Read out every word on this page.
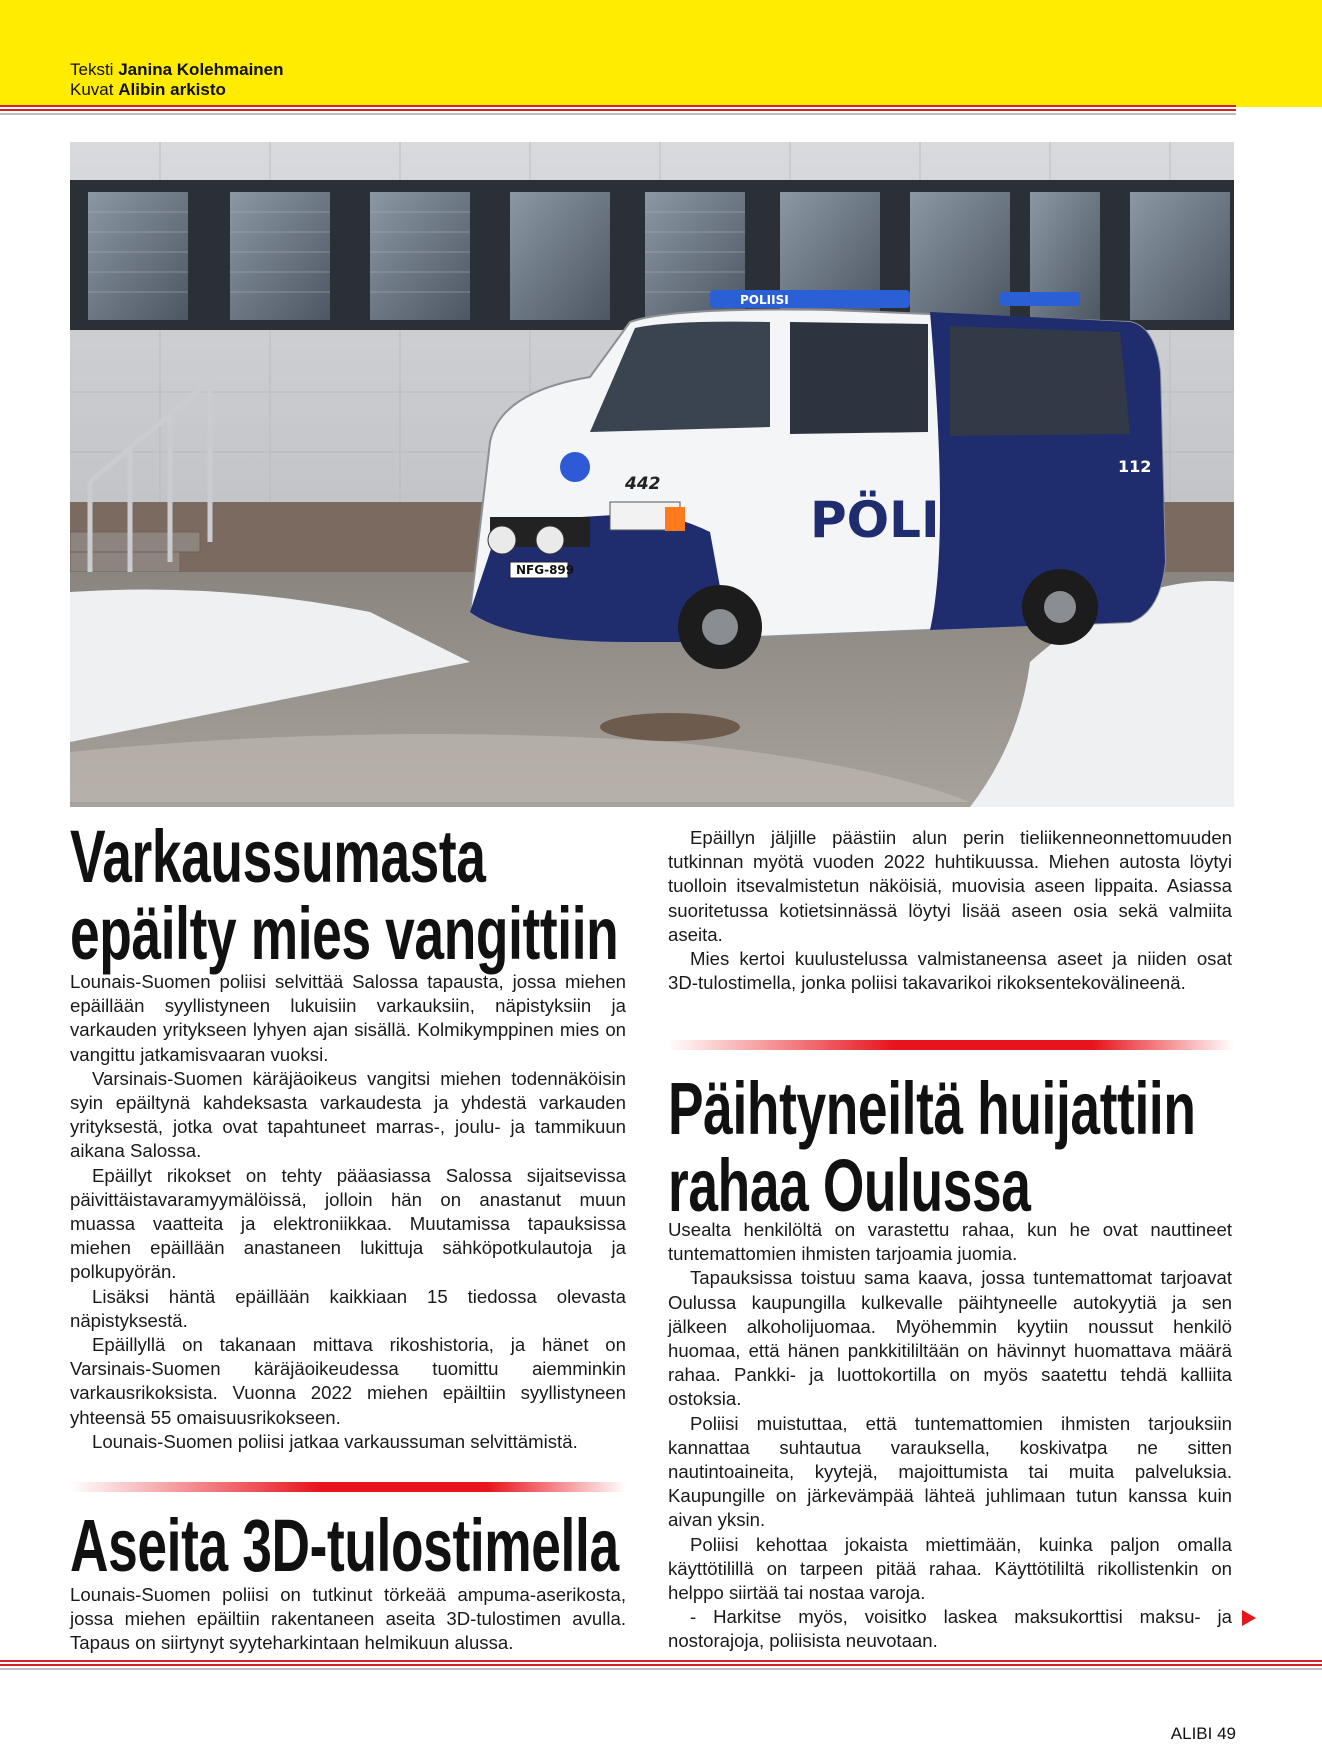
Teksti Janina Kolehmainen
Kuvat Alibin arkisto
PÖLIS
POLIISI
442
112
NFG-899
Varkaussumasta
epäilty mies vangittiin

Lounais-Suomen poliisi selvittää Salossa tapausta, jossa miehen epäillään syyllistyneen lukuisiin varkauksiin, näpistyksiin ja varkauden yritykseen lyhyen ajan sisällä. Kolmikymppinen mies on vangittu jatkamisvaaran vuoksi.

Varsinais-Suomen käräjäoikeus vangitsi miehen todennäköisin syin epäiltynä kahdeksasta varkaudesta ja yhdestä varkauden yrityksestä, jotka ovat tapahtuneet marras-, joulu- ja tammikuun aikana Salossa.

Epäillyt rikokset on tehty pääasiassa Salossa sijaitsevissa päivittäistavaramyymälöissä, jolloin hän on anastanut muun muassa vaatteita ja elektroniikkaa. Muutamissa tapauksissa miehen epäillään anastaneen lukittuja sähköpotkulautoja ja polkupyörän.

Lisäksi häntä epäillään kaikkiaan 15 tiedossa olevasta näpistyksestä.

Epäillyllä on takanaan mittava rikoshistoria, ja hänet on Varsinais-Suomen käräjäoikeudessa tuomittu aiemminkin varkausrikoksista. Vuonna 2022 miehen epäiltiin syyllistyneen yhteensä 55 omaisuusrikokseen.

Lounais-Suomen poliisi jatkaa varkaussuman selvittämistä.

Aseita 3D-tulostimella

Lounais-Suomen poliisi on tutkinut törkeää ampuma-aserikosta, jossa miehen epäiltiin rakentaneen aseita 3D-tulostimen avulla. Tapaus on siirtynyt syyteharkintaan helmikuun alussa.

Epäillyn jäljille päästiin alun perin tieliikenneonnettomuuden tutkinnan myötä vuoden 2022 huhtikuussa. Miehen autosta löytyi tuolloin itsevalmistetun näköisiä, muovisia aseen lippaita. Asiassa suoritetussa kotietsinnässä löytyi lisää aseen osia sekä valmiita aseita.

Mies kertoi kuulustelussa valmistaneensa aseet ja niiden osat 3D-tulostimella, jonka poliisi takavarikoi rikoksentekovälineenä.

Päihtyneiltä huijattiin
rahaa Oulussa

Usealta henkilöltä on varastettu rahaa, kun he ovat nauttineet tuntemattomien ihmisten tarjoamia juomia.

Tapauksissa toistuu sama kaava, jossa tuntemattomat tarjoavat Oulussa kaupungilla kulkevalle päihtyneelle autokyytiä ja sen jälkeen alkoholijuomaa. Myöhemmin kyytiin noussut henkilö huomaa, että hänen pankkitililtään on hävinnyt huomattava määrä rahaa. Pankki- ja luottokortilla on myös saatettu tehdä kalliita ostoksia.

Poliisi muistuttaa, että tuntemattomien ihmisten tarjouksiin kannattaa suhtautua varauksella, koskivatpa ne sitten nautintoaineita, kyytejä, majoittumista tai muita palveluksia. Kaupungille on järkevämpää lähteä juhlimaan tutun kanssa kuin aivan yksin.

Poliisi kehottaa jokaista miettimään, kuinka paljon omalla käyttötilillä on tarpeen pitää rahaa. Käyttötililtä rikollistenkin on helppo siirtää tai nostaa varoja.

- Harkitse myös, voisitko laskea maksukorttisi maksu- ja nostorajoja, poliisista neuvotaan.

ALIBI 49
